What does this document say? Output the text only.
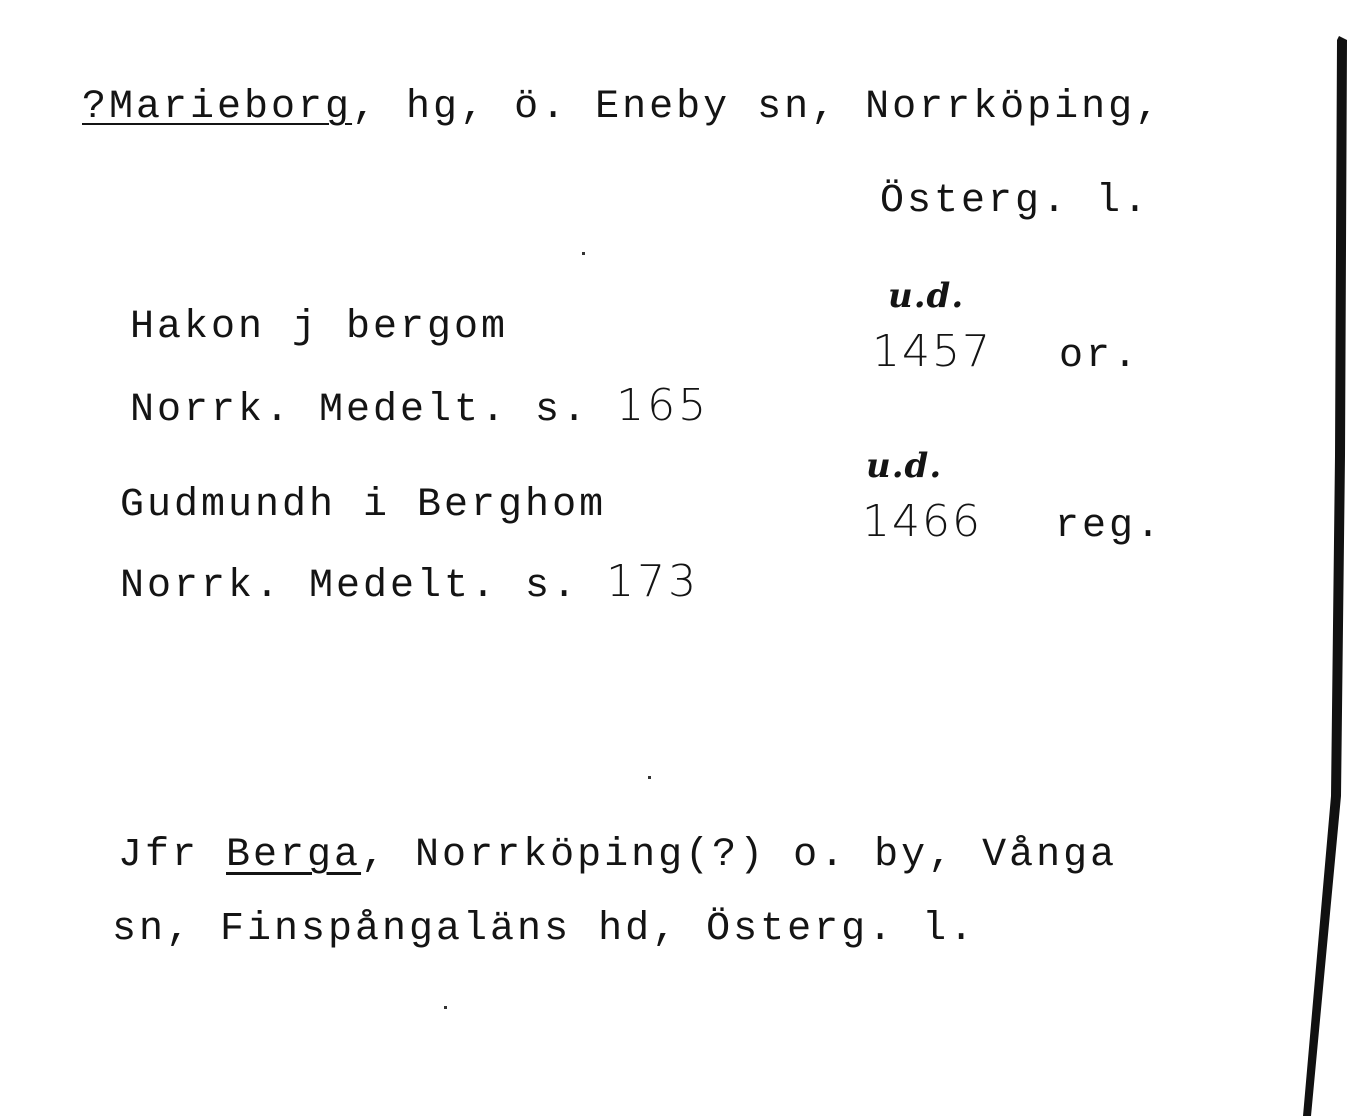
?Marieborg, hg, ö. Eneby sn, Norrköping,
Österg. l.
Hakon j bergom
Norrk. Medelt. s. 165
u.d.
1457 or.
Gudmundh i Berghom
Norrk. Medelt. s. 173
u.d.
1466 reg.
Jfr Berga, Norrköping(?) o. by, Vånga
sn, Finspångaläns hd, Österg. l.
